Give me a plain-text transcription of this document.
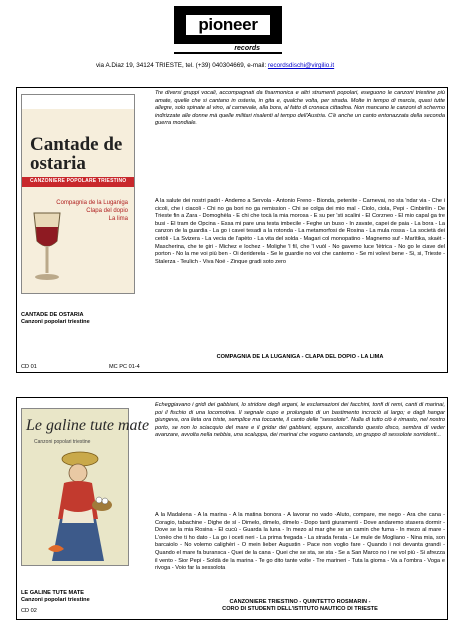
pioneer
records
via A.Diaz 19, 34124 TRIESTE, tel. (+39) 040304669, e-mail: recordsdischi@virgilio.it
Cantade de ostaria
CANZONIERE POPOLARE TRIESTINO
Compagnia de la Luganiga
Clapa del dopio
La lima
CANTADE DE OSTARIA
Canzoni popolari triestine
CD 01	MC PC 01-4

Tre diversi gruppi vocali, accompagnati da fisarmonica e altri strumenti popolari, eseguono le canzoni triestine più amate, quelle che si cantano in osteria, in gita e, qualche volta, per strada. Molte in tempo di marcia, quasi tutte allegre, solo spinate al vino, al carnevale, alla bora, al fatto di cronaca cittadina. Non mancano le canzoni di schermo indirizzate alle donne mà quelle militari risalenti al tempo dell'Austria. C'è anche un canto entonazzata della seconda guerra mondiale.

A la salute dei nostri padri - Andemo a Servola - Antonio Freno - Bionda, petenite - Carnevai, no sta 'ndar via - Che i cicoli, che i ciacoli - Chi no ga bori no ga remission - Chi se colga dei mio mal - Ciolo, ciola, Pepi - Cinbirilin - De Trieste fin a Zara - Domoghèla - E chi che tocà la mia morosa - E su per 'sti scalini - El Corzneo - El mio capal ga tre busi - El tram de Opcina - Essa mi pare una testa imbecile - Feghe un buso - In zavate, capei de paia - La bora - La canzon de la guardia - La go i cavei tesadi a la rotonda - La metamorfosi de Rosina - La mula rossa - La società dei cetòli - La Svizera - La vecia de l'apèto - La vita del solda - Magari col monopatino - Magnemo suf - Marìtika, skaèt - Mascherina, che te giri - Michez e lochez - Molighe 'l fil, che 'l vuòl - No gavemo luce 'lètrica - No go le ciave del porton - No la me voi più ben - Oi deriderela - Se le guardie no voi che cantemo - Se mi volevi bene - Si, si, Trieste - Stalerza - Teulich - Viva Noé - Zinque gradi soto zero

COMPAGNIA DE LA LUGANIGA - CLAPA DEL DOPIO - LA LIMA
Le galine tute mate
Canzoni popolari triestine
LE GALINE TUTE MATE
Canzoni popolari triestine
CD 02

Echeggiavano i gridi dei gabbiani, lo stridore degli argani, le esclamazioni dei facchini, tonfi di remi, canti di marinai, poi il fischio di una locomotiva. Il segnale cupo e prolungato di un bastimento incrociò al largo; e dagli hangar giungeva, ora lieta ora triste, semplice ma toccante, il canto delle "sessolote". Nulla di tutto ciò è rimasto, nel nostro porto, se non lo sciacquio del mare e il gridar dei gabbiani, eppure, ascoltando questo disco, sembra di veder avanzare, avvolta nella nebbia, una scaluppa, dei marinai che vogano cantando, un gruppo di sessolote sorridenti...

A la Madalena - A la marina - A la matina bonora - A lavorar no vado -Aluto, compare, me nego - Ara che cana - Coragio, tabachine - Dighe de sì - Dimelo, dimelo, dimelo - Dopo tanti giuramenti - Dove andaremo stasera dormir - Dove se la mia Rosina - El cucù - Guarda la luna - In mezo al mar ghe xe un camin che fuma - In mezo al mare - L'onèo che ti ho dato - La go i oceti neri - La prima fregada - La strada ferata - Le mule de Mogliano - Nina mia, son barcaiolo - No volemo calighèri - O mein lieber Augustin - Pace non voglio fare - Quando i noi devanta grandi - Quando el mare fa buransca - Quei de la cana - Quei che se sta, se sta - Se a San Marco no i ne vol più - Si afrezza il vento - Sior Pepi - Soldà de la marina - Te go dito tante volte - Tre marineri - Tuta la gioma - Va a l'ombra - Voga e rivoga - Voio far la sessolota

CANZONIERE TRIESTINO - QUINTETTO ROSMARIN -
CORO DI STUDENTI DELL'ISTITUTO NAUTICO DI TRIESTE
